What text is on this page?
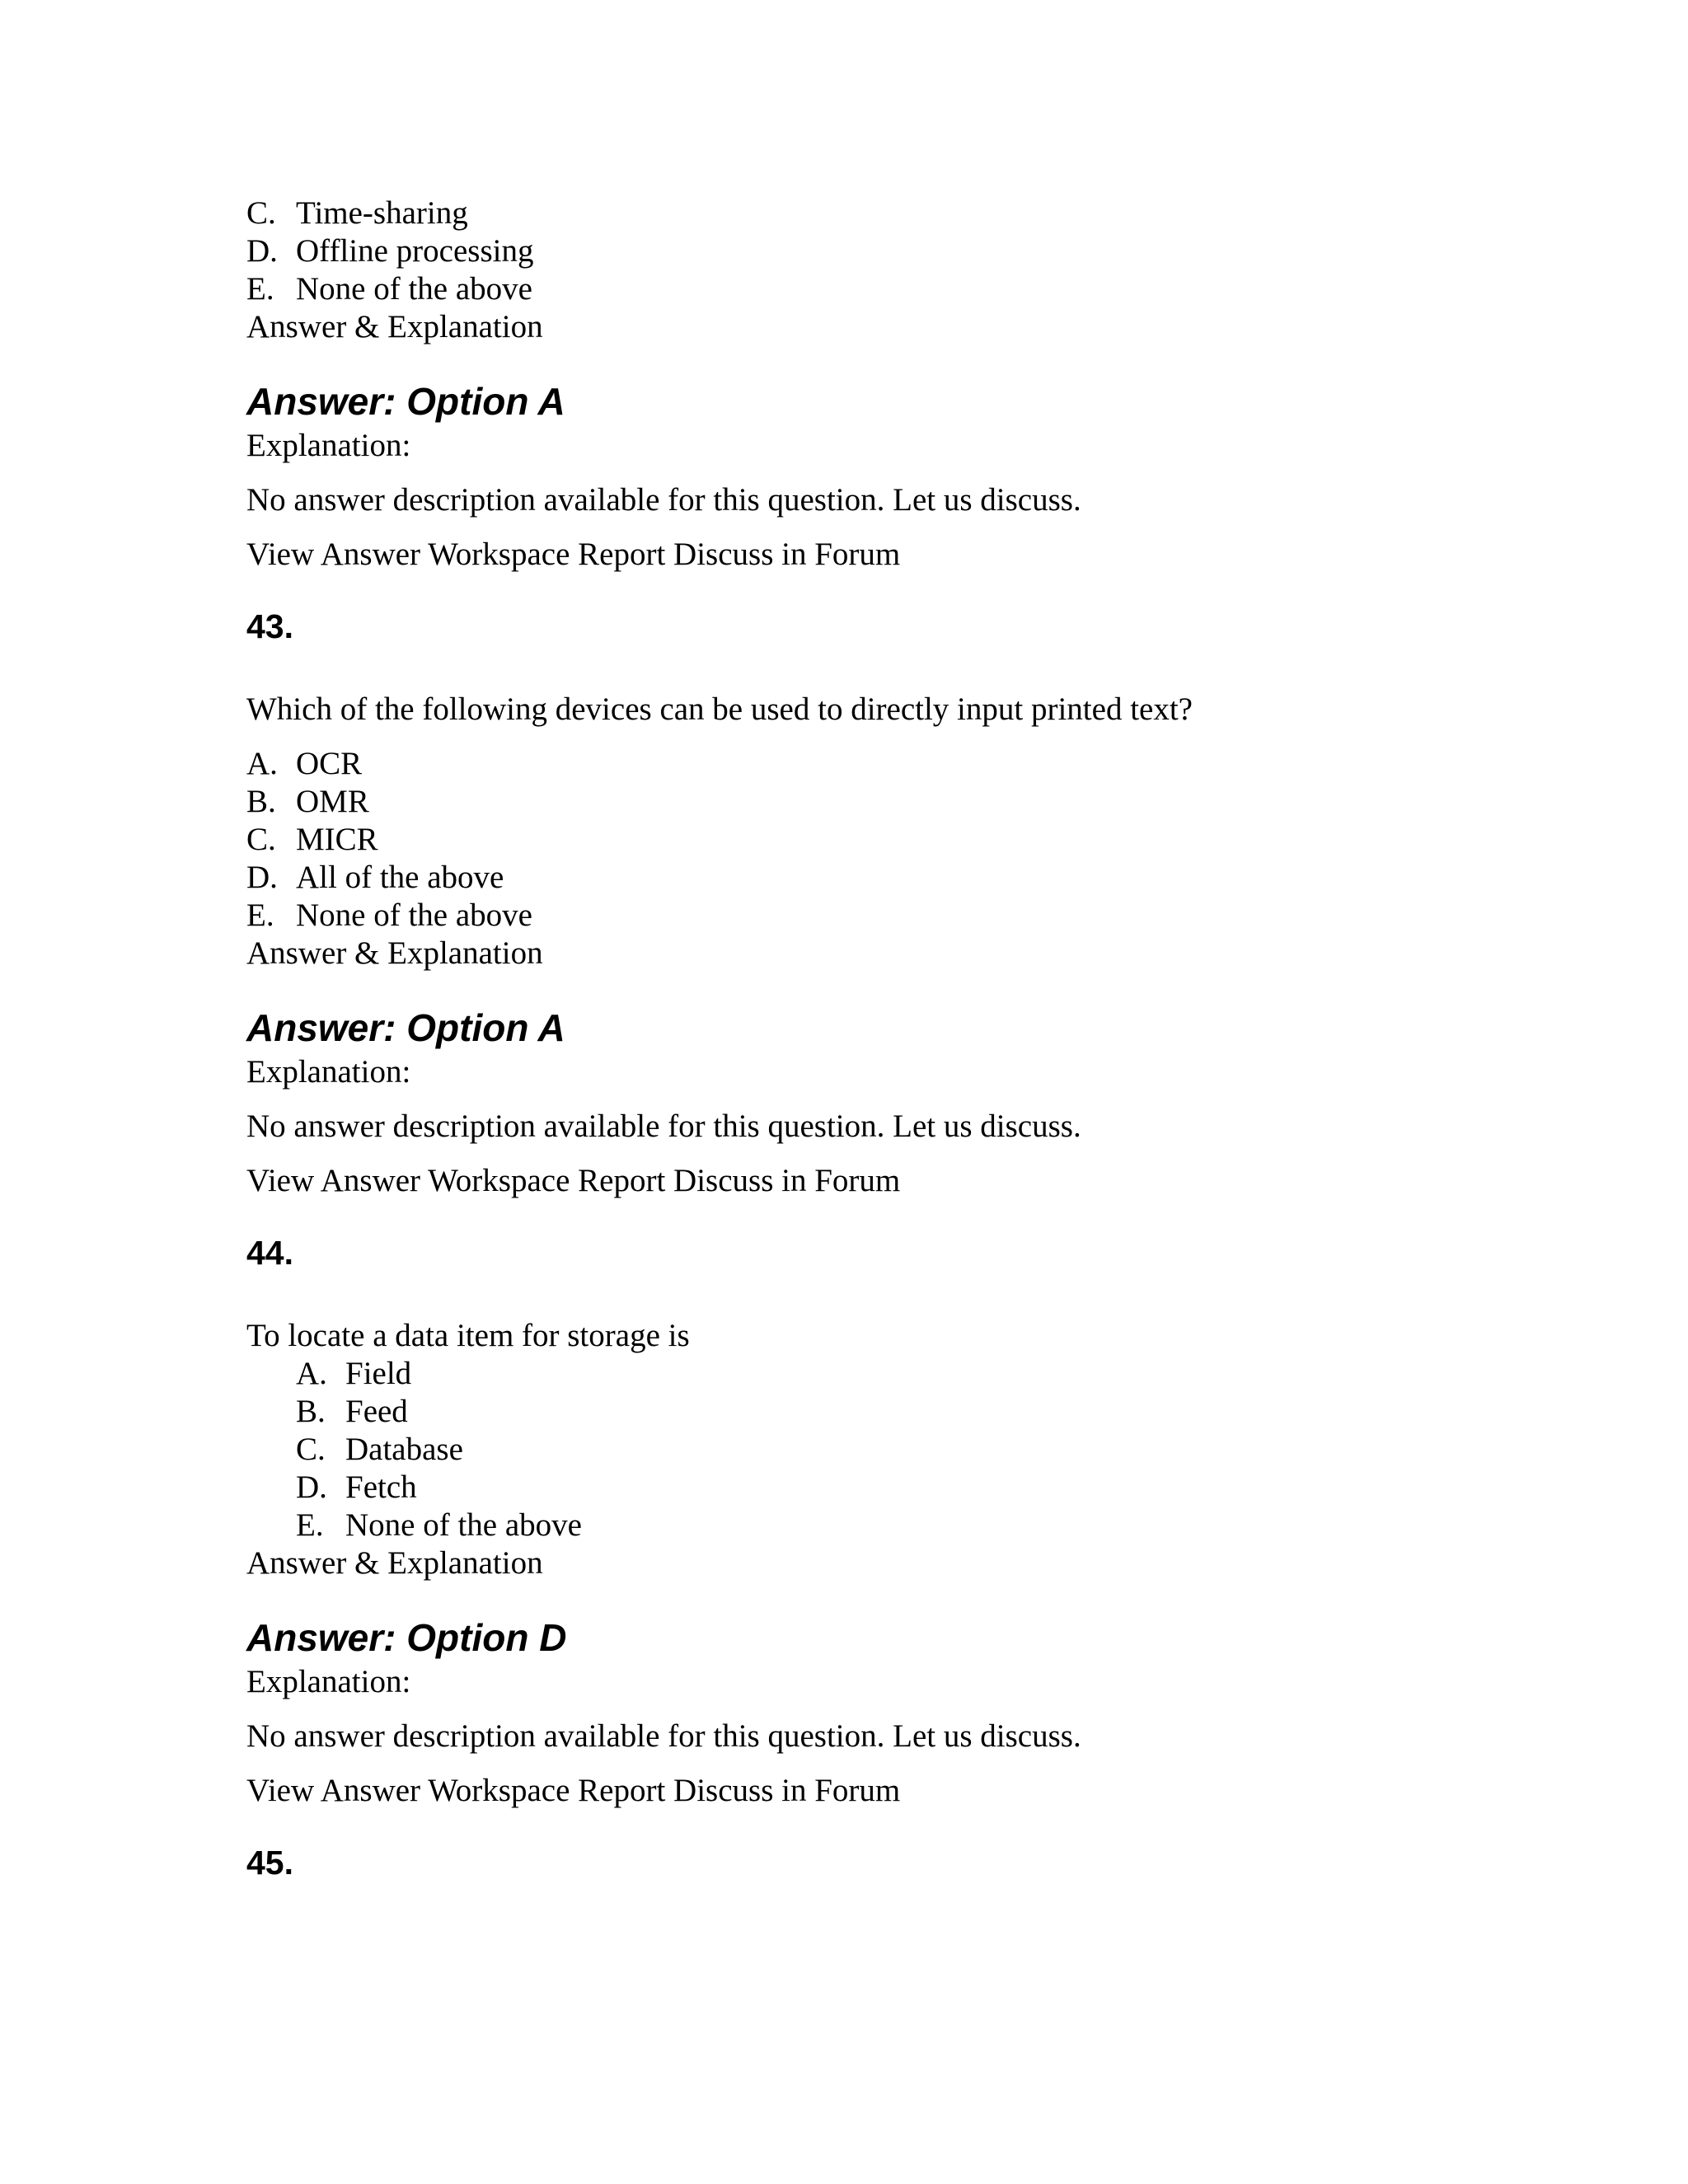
C. Time-sharing
D. Offline processing
E. None of the above
Answer & Explanation
Answer: Option A
Explanation:
No answer description available for this question. Let us discuss.
View Answer Workspace Report Discuss in Forum
43.
Which of the following devices can be used to directly input printed text?
A. OCR
B. OMR
C. MICR
D. All of the above
E. None of the above
Answer & Explanation
Answer: Option A
Explanation:
No answer description available for this question. Let us discuss.
View Answer Workspace Report Discuss in Forum
44.
To locate a data item for storage is
A. Field
B. Feed
C. Database
D. Fetch
E. None of the above
Answer & Explanation
Answer: Option D
Explanation:
No answer description available for this question. Let us discuss.
View Answer Workspace Report Discuss in Forum
45.
